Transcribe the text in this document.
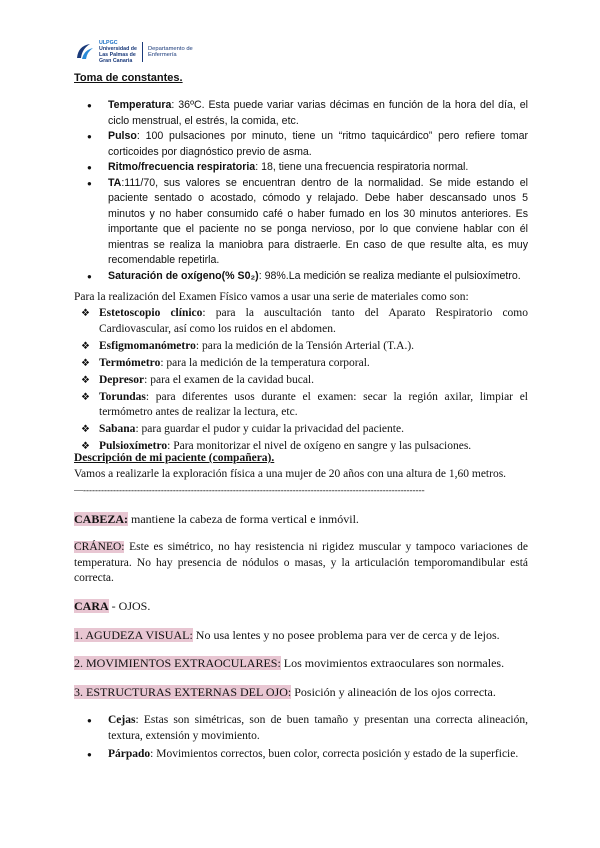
ULPGC
Universidad de
Las Palmas de
Gran Canaria
Departamento de
Enfermería
Toma de constantes.
● Temperatura: 36ºC. Esta puede variar varias décimas en función de la hora del día, el ciclo menstrual, el estrés, la comida, etc.
● Pulso: 100 pulsaciones por minuto, tiene un “ritmo taquicárdico” pero refiere tomar corticoides por diagnóstico previo de asma.
● Ritmo/frecuencia respiratoria: 18, tiene una frecuencia respiratoria normal.
● TA:111/70, sus valores se encuentran dentro de la normalidad. Se mide estando el paciente sentado o acostado, cómodo y relajado. Debe haber descansado unos 5 minutos y no haber consumido café o haber fumado en los 30 minutos anteriores. Es importante que el paciente no se ponga nervioso, por lo que conviene hablar con él mientras se realiza la maniobra para distraerle. En caso de que resulte alta, es muy recomendable repetirla.
● Saturación de oxígeno(% S0₂): 98%.La medición se realiza mediante el pulsioxímetro.
Para la realización del Examen Físico vamos a usar una serie de materiales como son:
❖ Estetoscopio clínico: para la auscultación tanto del Aparato Respiratorio como Cardiovascular, así como los ruidos en el abdomen.
❖ Esfigmomanómetro: para la medición de la Tensión Arterial (T.A.).
❖ Termómetro: para la medición de la temperatura corporal.
❖ Depresor: para el examen de la cavidad bucal.
❖ Torundas: para diferentes usos durante el examen: secar la región axilar, limpiar el termómetro antes de realizar la lectura, etc.
❖ Sabana: para guardar el pudor y cuidar la privacidad del paciente.
❖ Pulsioxímetro: Para monitorizar el nivel de oxígeno en sangre y las pulsaciones.
Descripción de mi paciente (compañera).
Vamos a realizarle la exploración física a una mujer de 20 años con una altura de 1,60 metros.
—------------------------------------------------------------------------------------------------------------------
CABEZA: mantiene la cabeza de forma vertical e inmóvil.
CRÁNEO: Este es simétrico, no hay resistencia ni rigidez muscular y tampoco variaciones de temperatura. No hay presencia de nódulos o masas, y la articulación temporomandibular está correcta.
CARA - OJOS.
1. AGUDEZA VISUAL: No usa lentes y no posee problema para ver de cerca y de lejos.
2. MOVIMIENTOS EXTRAOCULARES: Los movimientos extraoculares son normales.
3. ESTRUCTURAS EXTERNAS DEL OJO: Posición y alineación de los ojos correcta.
● Cejas: Estas son simétricas, son de buen tamaño y presentan una correcta alineación, textura, extensión y movimiento.
● Párpado: Movimientos correctos, buen color, correcta posición y estado de la superficie.
